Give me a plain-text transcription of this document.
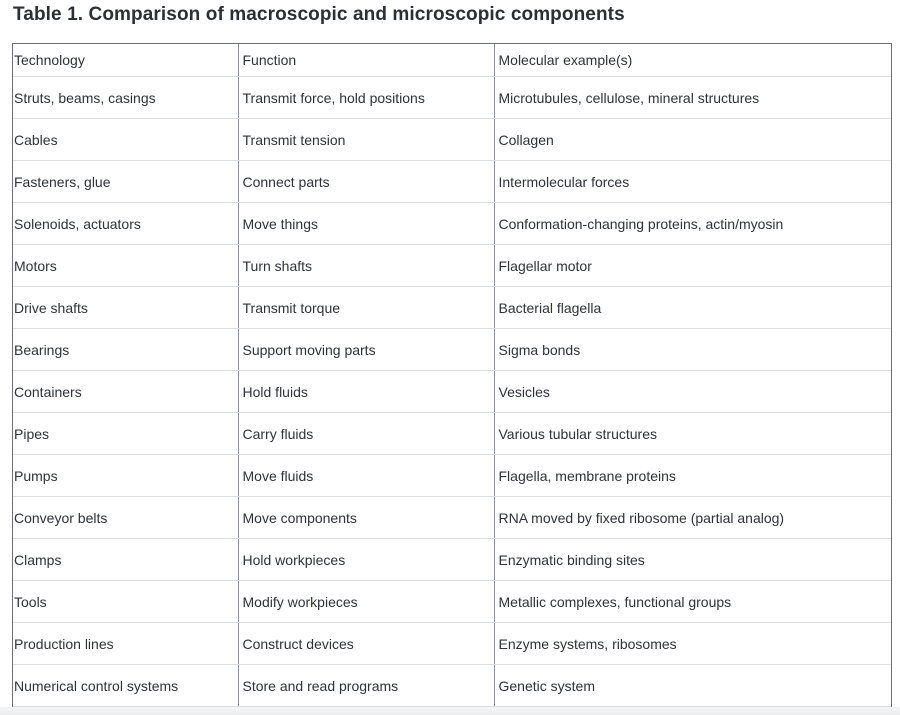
Table 1. Comparison of macroscopic and microscopic components
Technology	Function	Molecular example(s)
Struts, beams, casings	Transmit force, hold positions	Microtubules, cellulose, mineral structures
Cables	Transmit tension	Collagen
Fasteners, glue	Connect parts	Intermolecular forces
Solenoids, actuators	Move things	Conformation-changing proteins, actin/myosin
Motors	Turn shafts	Flagellar motor
Drive shafts	Transmit torque	Bacterial flagella
Bearings	Support moving parts	Sigma bonds
Containers	Hold fluids	Vesicles
Pipes	Carry fluids	Various tubular structures
Pumps	Move fluids	Flagella, membrane proteins
Conveyor belts	Move components	RNA moved by fixed ribosome (partial analog)
Clamps	Hold workpieces	Enzymatic binding sites
Tools	Modify workpieces	Metallic complexes, functional groups
Production lines	Construct devices	Enzyme systems, ribosomes
Numerical control systems	Store and read programs	Genetic system
